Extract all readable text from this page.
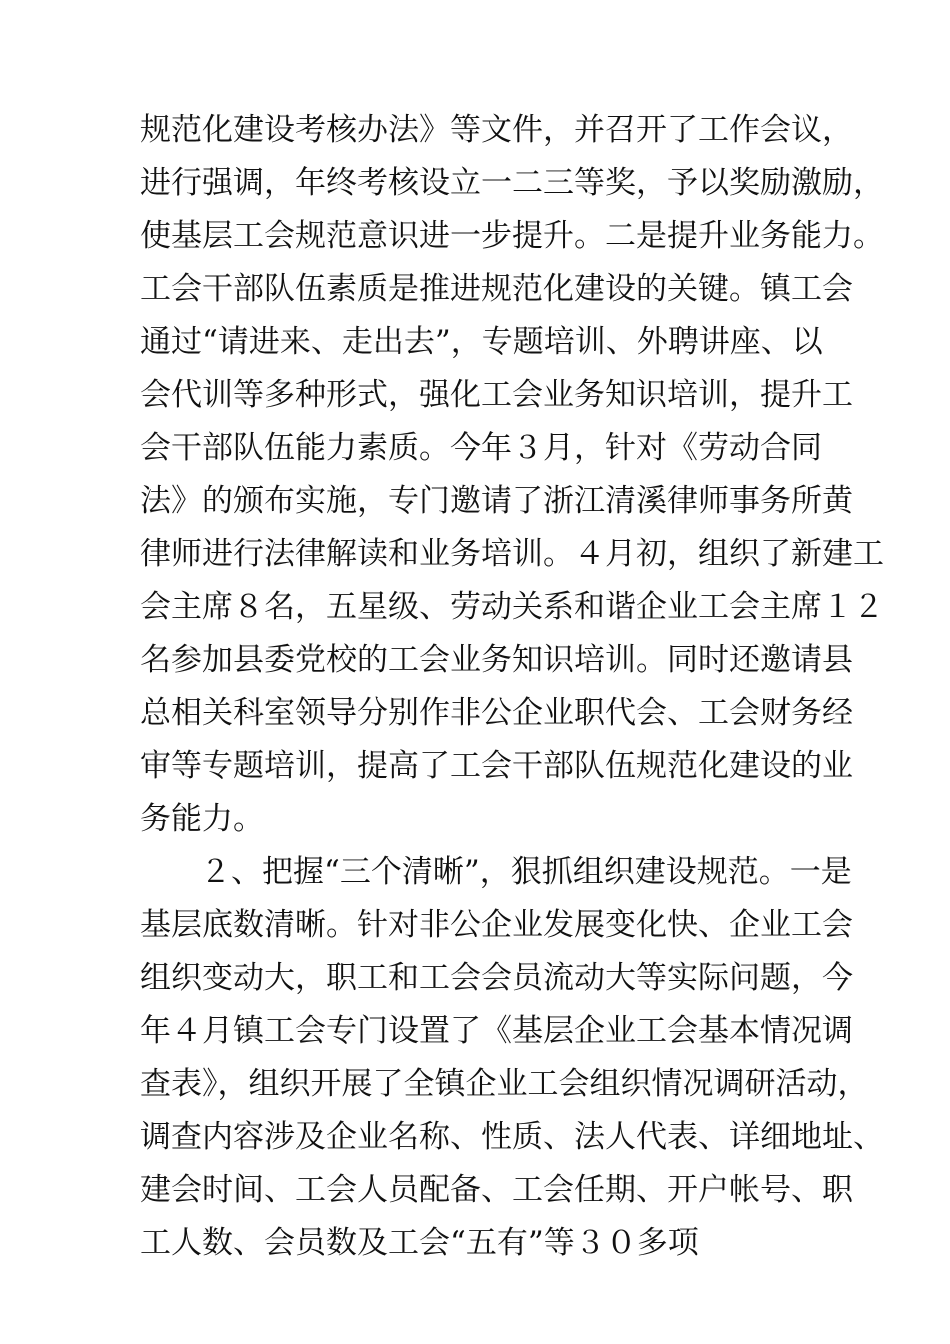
规范化建设考核办法》等文件，并召开了工作会议，
进行强调，年终考核设立一二三等奖，予以奖励激励，
使基层工会规范意识进一步提升。二是提升业务能力。
工会干部队伍素质是推进规范化建设的关键。镇工会
通过“请进来、走出去”，专题培训、外聘讲座、以
会代训等多种形式，强化工会业务知识培训，提升工
会干部队伍能力素质。今年３月，针对《劳动合同
法》的颁布实施，专门邀请了浙江清溪律师事务所黄
律师进行法律解读和业务培训。４月初，组织了新建工
会主席８名，五星级、劳动关系和谐企业工会主席１２
名参加县委党校的工会业务知识培训。同时还邀请县
总相关科室领导分别作非公企业职代会、工会财务经
审等专题培训，提高了工会干部队伍规范化建设的业
务能力。
２、把握“三个清晰”，狠抓组织建设规范。一是
基层底数清晰。针对非公企业发展变化快、企业工会
组织变动大，职工和工会会员流动大等实际问题，今
年４月镇工会专门设置了《基层企业工会基本情况调
查表》，组织开展了全镇企业工会组织情况调研活动，
调查内容涉及企业名称、性质、法人代表、详细地址、
建会时间、工会人员配备、工会任期、开户帐号、职
工人数、会员数及工会“五有”等３０多项
